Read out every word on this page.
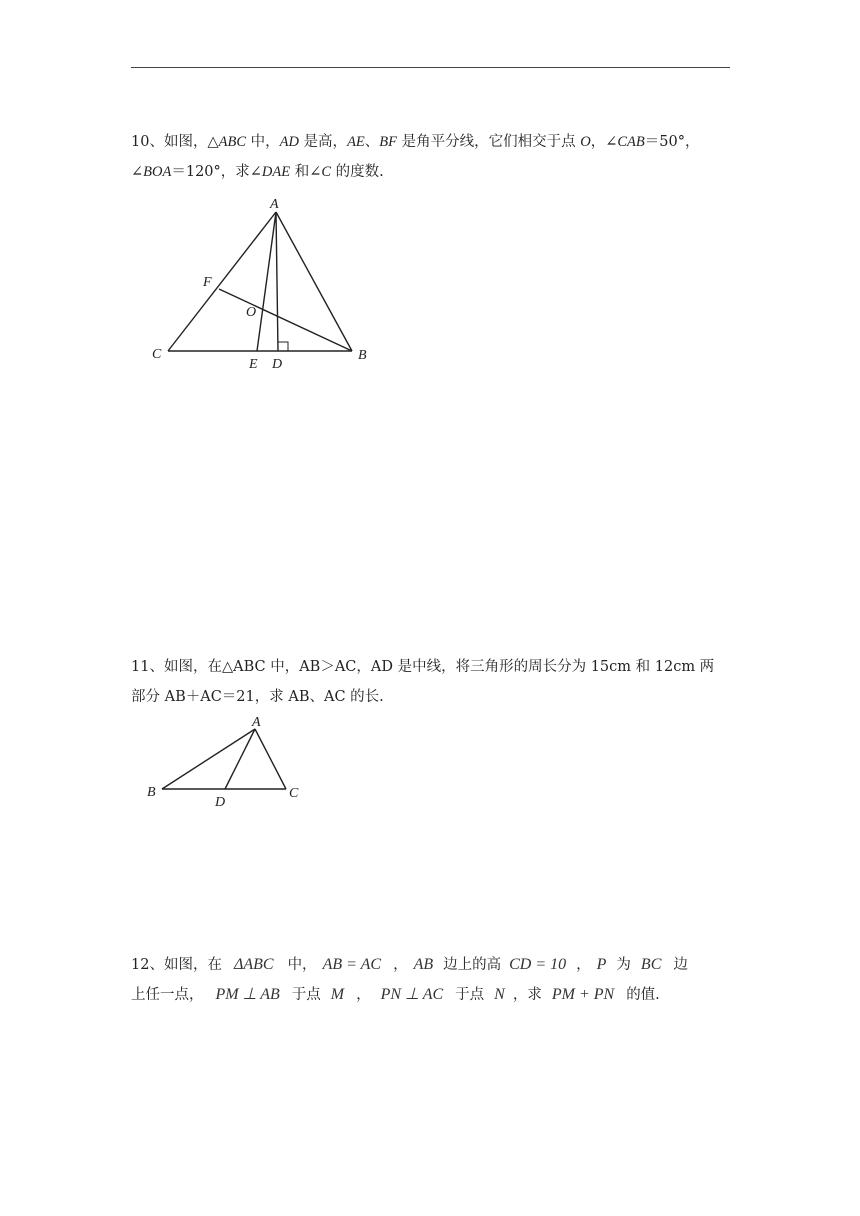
10、如图，△ABC 中，AD 是高，AE、BF 是角平分线，它们相交于点 O，∠CAB＝50°，
∠BOA＝120°，求∠DAE 和∠C 的度数.
A
B
C
D
E
F
O
11、如图，在△ABC 中，AB＞AC，AD 是中线，将三角形的周长分为 15cm 和 12cm 两
部分 AB＋AC＝21，求 AB、AC 的长.
A
B	C
D
12、如图，在 ΔABC 中， AB = AC ， AB 边上的高 CD = 10 ， P 为 BC 边
上任一点， PM ⊥ AB 于点 M ， PN ⊥ AC 于点 N ，求 PM + PN 的值.
